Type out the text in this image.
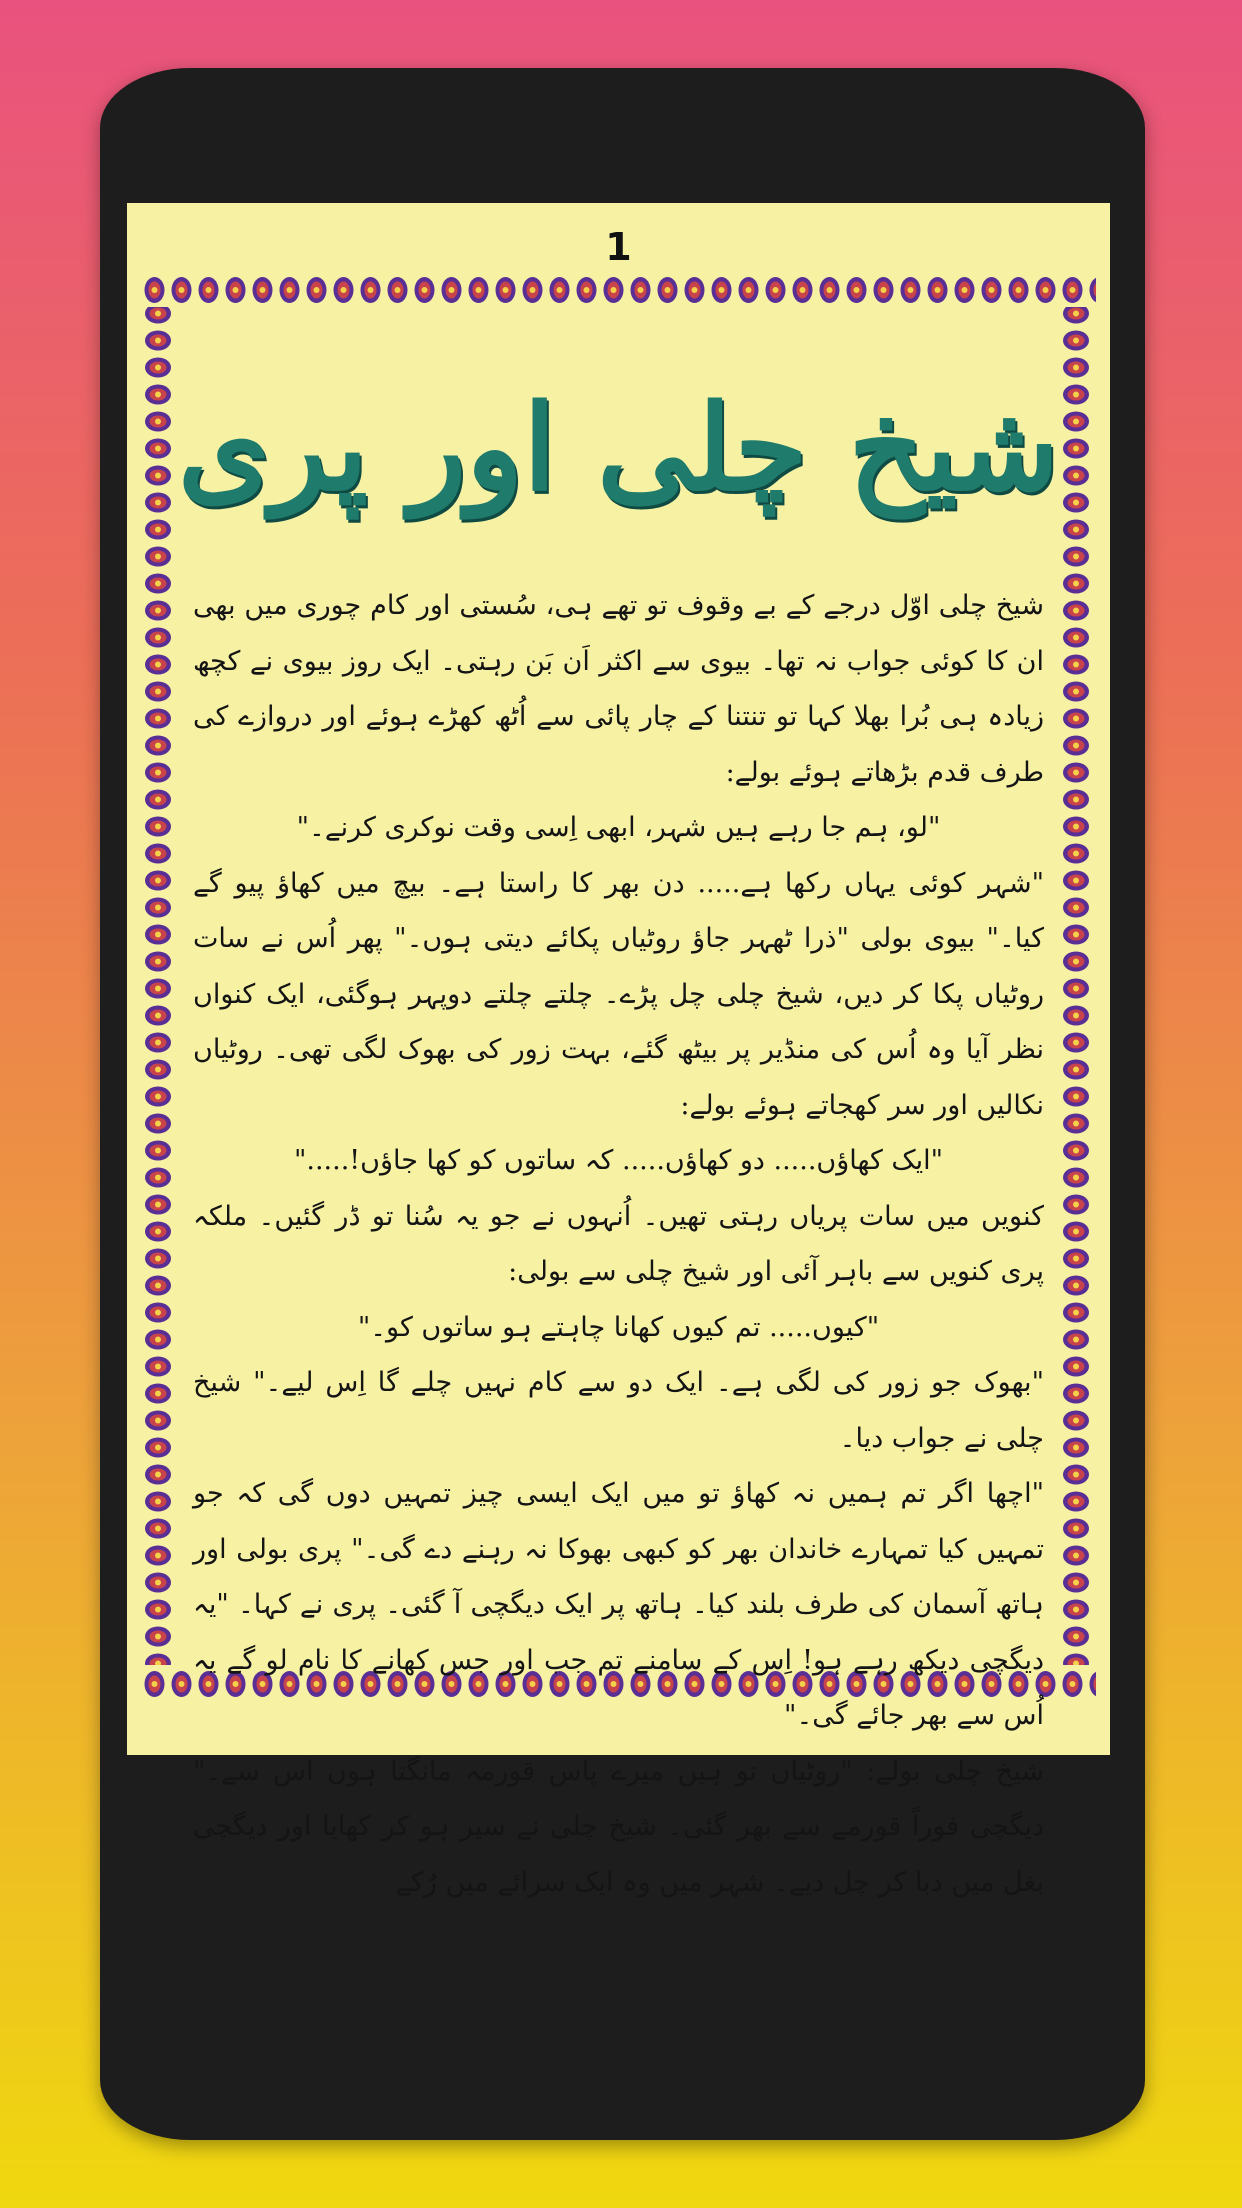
1
شیخ چلی اور پری

شیخ چلی اوّل درجے کے بے وقوف تو تھے ہی، سُستی اور کام چوری میں بھی ان کا کوئی جواب نہ تھا۔ بیوی سے اکثر اَن بَن رہتی۔ ایک روز بیوی نے کچھ زیادہ ہی بُرا بھلا کہا تو تنتنا کے چار پائی سے اُٹھ کھڑے ہوئے اور دروازے کی طرف قدم بڑھاتے ہوئے بولے:

"لو، ہم جا رہے ہیں شہر، ابھی اِسی وقت نوکری کرنے۔"

"شہر کوئی یہاں رکھا ہے..... دن بھر کا راستا ہے۔ بیچ میں کھاؤ پیو گے کیا۔" بیوی بولی "ذرا ٹھہر جاؤ روٹیاں پکائے دیتی ہوں۔" پھر اُس نے سات روٹیاں پکا کر دیں، شیخ چلی چل پڑے۔ چلتے چلتے دوپہر ہوگئی، ایک کنواں نظر آیا وہ اُس کی منڈیر پر بیٹھ گئے، بہت زور کی بھوک لگی تھی۔ روٹیاں نکالیں اور سر کھجاتے ہوئے بولے:

"ایک کھاؤں..... دو کھاؤں..... کہ ساتوں کو کھا جاؤں!....."

کنویں میں سات پریاں رہتی تھیں۔ اُنہوں نے جو یہ سُنا تو ڈر گئیں۔ ملکہ پری کنویں سے باہر آئی اور شیخ چلی سے بولی:

"کیوں..... تم کیوں کھانا چاہتے ہو ساتوں کو۔"

"بھوک جو زور کی لگی ہے۔ ایک دو سے کام نہیں چلے گا اِس لیے۔" شیخ چلی نے جواب دیا۔

"اچھا اگر تم ہمیں نہ کھاؤ تو میں ایک ایسی چیز تمہیں دوں گی کہ جو تمہیں کیا تمہارے خاندان بھر کو کبھی بھوکا نہ رہنے دے گی۔" پری بولی اور ہاتھ آسمان کی طرف بلند کیا۔ ہاتھ پر ایک دیگچی آ گئی۔ پری نے کہا۔ "یہ دیگچی دیکھ رہے ہو! اِس کے سامنے تم جب اور جس کھانے کا نام لو گے یہ اُس سے بھر جائے گی۔"

شیخ چلی بولے: "روٹیاں تو ہیں میرے پاس قورمہ مانگتا ہوں اس سے۔" دیگچی فوراً قورمے سے بھر گئی۔ شیخ چلی نے سیر ہو کر کھایا اور دیگچی بغل میں دبا کر چل دیے۔ شہر میں وہ ایک سرائے میں رُکے
